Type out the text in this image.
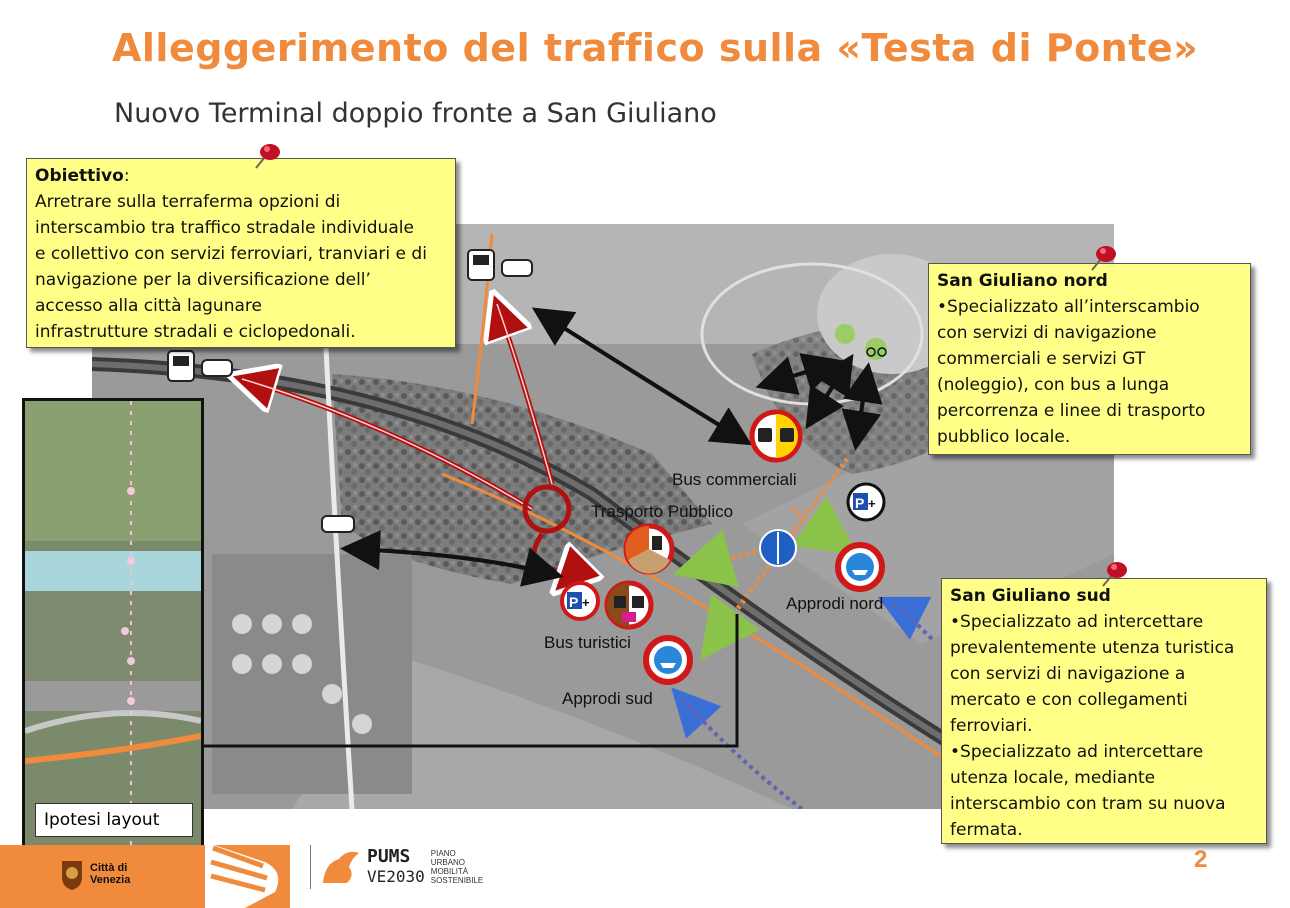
Alleggerimento del traffico sulla «Testa di Ponte»
Nuovo Terminal doppio fronte a San Giuliano
P +
P +
Bus commerciali
Trasporto Pubblico
Bus turistici
Approdi nord
Approdi sud
Ipotesi layout
Obiettivo:
Arretrare sulla terraferma opzioni di
interscambio tra traffico stradale individuale
e collettivo con servizi ferroviari, tranviari e di
navigazione per la diversificazione dell’
accesso alla città lagunare
infrastrutture stradali e ciclopedonali.
San Giuliano nord
•Specializzato all’interscambio
con servizi di navigazione
commerciali e servizi GT
(noleggio), con bus a lunga
percorrenza e linee di trasporto
pubblico locale.
San Giuliano sud
•Specializzato ad intercettare
prevalentemente utenza turistica
con servizi di navigazione a
mercato e con collegamenti
ferroviari.
•Specializzato ad intercettare
utenza locale, mediante
interscambio con tram su nuova
fermata.
Città di
Venezia
PUMS
VE2030
PIANO
URBANO
MOBILITÀ
SOSTENIBILE
2
